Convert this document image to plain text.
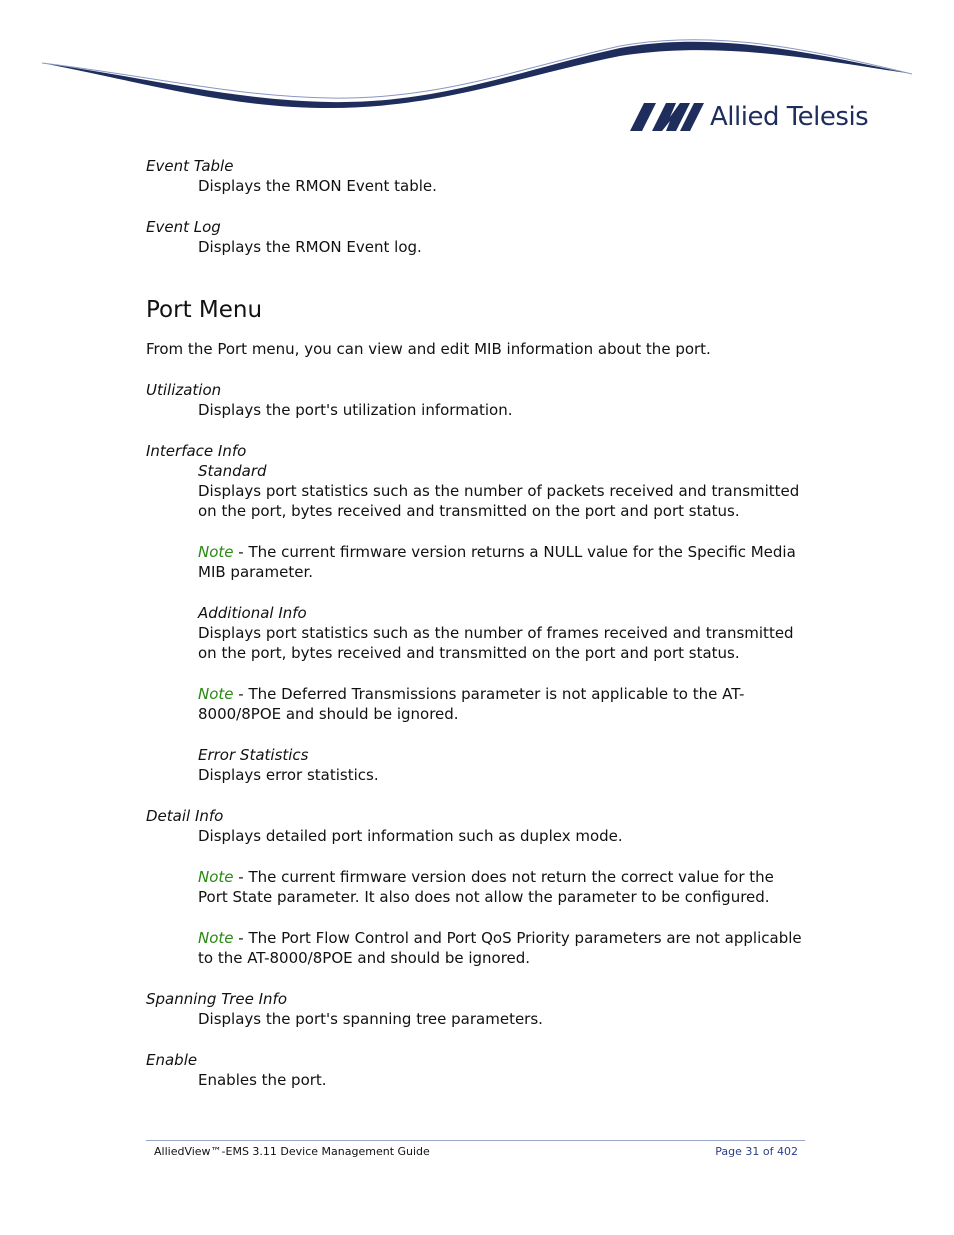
Allied Telesis

Event Table

Displays the RMON Event table.

Event Log

Displays the RMON Event log.

Port Menu

From the Port menu, you can view and edit MIB information about the port.

Utilization

Displays the port's utilization information.

Interface Info

Standard

Displays port statistics such as the number of packets received and transmitted on the port, bytes received and transmitted on the port and port status.

Note - The current firmware version returns a NULL value for the Specific Media MIB parameter.

Additional Info

Displays port statistics such as the number of frames received and transmitted on the port, bytes received and transmitted on the port and port status.

Note - The Deferred Transmissions parameter is not applicable to the AT-8000/8POE and should be ignored.

Error Statistics

Displays error statistics.

Detail Info

Displays detailed port information such as duplex mode.

Note - The current firmware version does not return the correct value for the Port State parameter. It also does not allow the parameter to be configured.

Note - The Port Flow Control and Port QoS Priority parameters are not applicable to the AT-8000/8POE and should be ignored.

Spanning Tree Info

Displays the port's spanning tree parameters.

Enable

Enables the port.

AlliedView™-EMS 3.11 Device Management Guide	Page 31 of 402
